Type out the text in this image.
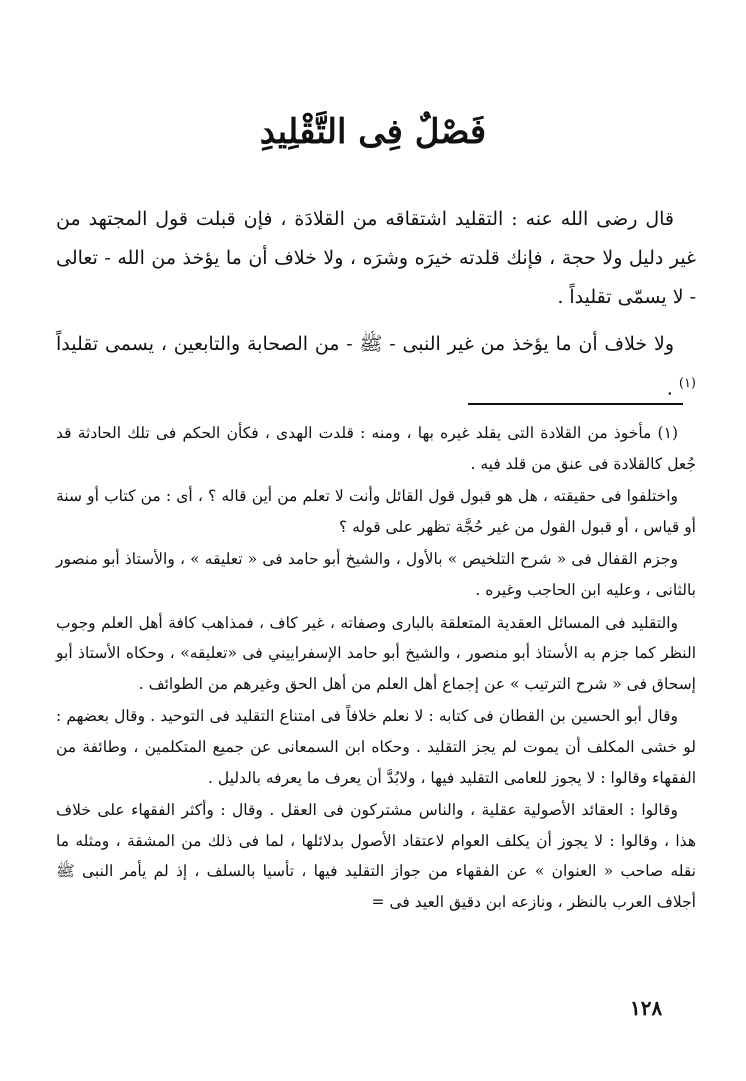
فَصْلٌ فِى التَّقْلِيدِ

قال رضى الله عنه : التقليد اشتقاقه من القلادَة ، فإن قبلت قول المجتهد من غير دليل ولا حجة ، فإنك قلدته خيرَه وشرَه ، ولا خلاف أن ما يؤخذ من الله - تعالى - لا يسمّى تقليداً .

ولا خلاف أن ما يؤخذ من غير النبى - ﷺ - من الصحابة والتابعين ، يسمى تقليداً $^{(١)}$ .

(١) مأخوذ من القلادة التى يقلد غيره بها ، ومنه : قلدت الهدى ، فكأن الحكم فى تلك الحادثة قد جُعل كالقلادة فى عنق من قلد فيه .

واختلفوا فى حقيقته ، هل هو قبول قول القائل وأنت لا تعلم من أين قاله ؟ ، أى : من كتاب أو سنة أو قياس ، أو قبول القول من غير حُجَّة تظهر على قوله ؟

وجزم القفال فى « شرح التلخيص » بالأول ، والشيخ أبو حامد فى « تعليقه » ، والأستاذ أبو منصور بالثانى ، وعليه ابن الحاجب وغيره .

والتقليد فى المسائل العقدية المتعلقة بالبارى وصفاته ، غير كاف ، فمذاهب كافة أهل العلم وجوب النظر كما جزم به الأستاذ أبو منصور ، والشيخ أبو حامد الإسفراييني فى «تعليقه» ، وحكاه الأستاذ أبو إسحاق فى « شرح الترتيب » عن إجماع أهل العلم من أهل الحق وغيرهم من الطوائف .

وقال أبو الحسين بن القطان فى كتابه : لا نعلم خلافاً فى امتناع التقليد فى التوحيد . وقال بعضهم : لو خشى المكلف أن يموت لم يجز التقليد . وحكاه ابن السمعانى عن جميع المتكلمين ، وطائفة من الفقهاء وقالوا : لا يجوز للعامى التقليد فيها ، ولابُدَّ أن يعرف ما يعرفه بالدليل .

وقالوا : العقائد الأصولية عقلية ، والناس مشتركون فى العقل . وقال : وأكثر الفقهاء على خلاف هذا ، وقالوا : لا يجوز أن يكلف العوام لاعتقاد الأصول بدلائلها ، لما فى ذلك من المشقة ، ومثله ما نقله صاحب « العنوان » عن الفقهاء من جواز التقليد فيها ، تأسيا بالسلف ، إذ لم يأمر النبى ﷺ أجلاف العرب بالنظر ، ونازعه ابن دقيق العيد فى =

١٢٨
